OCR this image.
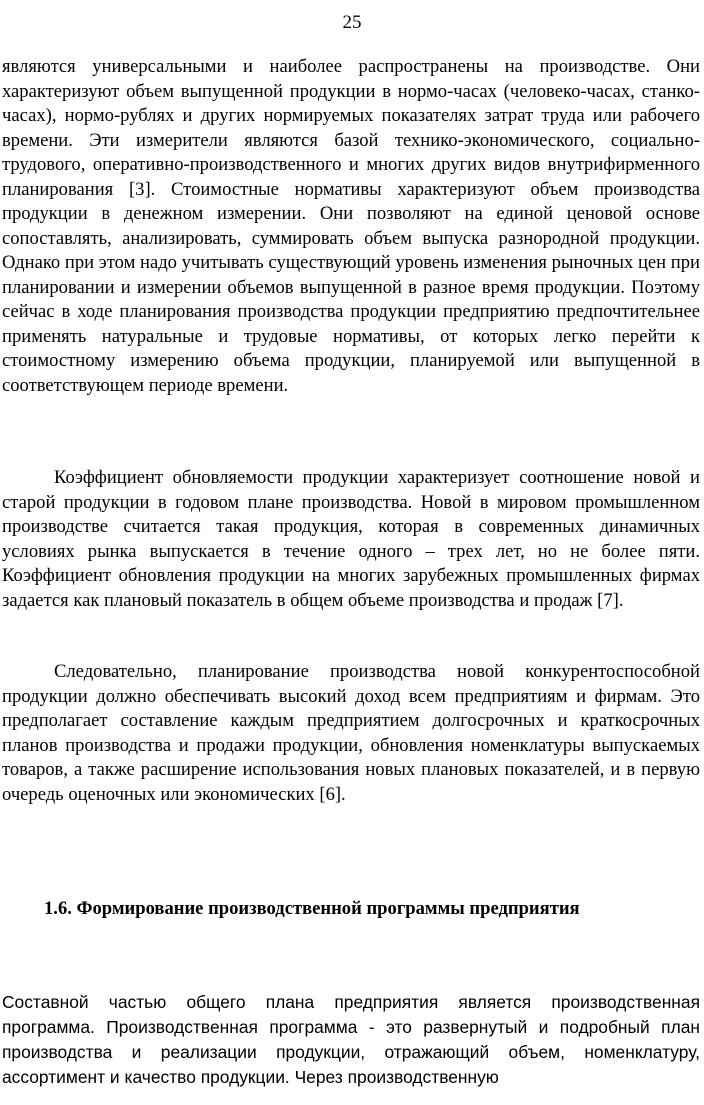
25

являются универсальными и наиболее распространены на производстве. Они характеризуют объем выпущенной продукции в нормо-часах (человеко-часах, станко-часах), нормо-рублях и других нормируемых показателях затрат труда или рабочего времени. Эти измерители являются базой технико-экономического, социально-трудового, оперативно-производственного и многих других видов внутрифирменного планирования [3]. Стоимостные нормативы характеризуют объем производства продукции в денежном измерении. Они позволяют на единой ценовой основе сопоставлять, анализировать, суммировать объем выпуска разнородной продукции. Однако при этом надо учитывать существующий уровень изменения рыночных цен при планировании и измерении объемов выпущенной в разное время продукции. Поэтому сейчас в ходе планирования производства продукции предприятию предпочтительнее применять натуральные и трудовые нормативы, от которых легко перейти к стоимостному измерению объема продукции, планируемой или выпущенной в соответствующем периоде времени.

Коэффициент обновляемости продукции характеризует соотношение новой и старой продукции в годовом плане производства. Новой в мировом промышленном производстве считается такая продукция, которая в современных динамичных условиях рынка выпускается в течение одного – трех лет, но не более пяти. Коэффициент обновления продукции на многих зарубежных промышленных фирмах задается как плановый показатель в общем объеме производства и продаж [7].

Следовательно, планирование производства новой конкурентоспособной продукции должно обеспечивать высокий доход всем предприятиям и фирмам. Это предполагает составление каждым предприятием долгосрочных и краткосрочных планов производства и продажи продукции, обновления номенклатуры выпускаемых товаров, а также расширение использования новых плановых показателей, и в первую очередь оценочных или экономических [6].

1.6. Формирование производственной программы предприятия

Составной частью общего плана предприятия является производственная программа. Производственная программа - это развернутый и подробный план производства и реализации продукции, отражающий объем, номенклатуру, ассортимент и качество продукции. Через производственную
